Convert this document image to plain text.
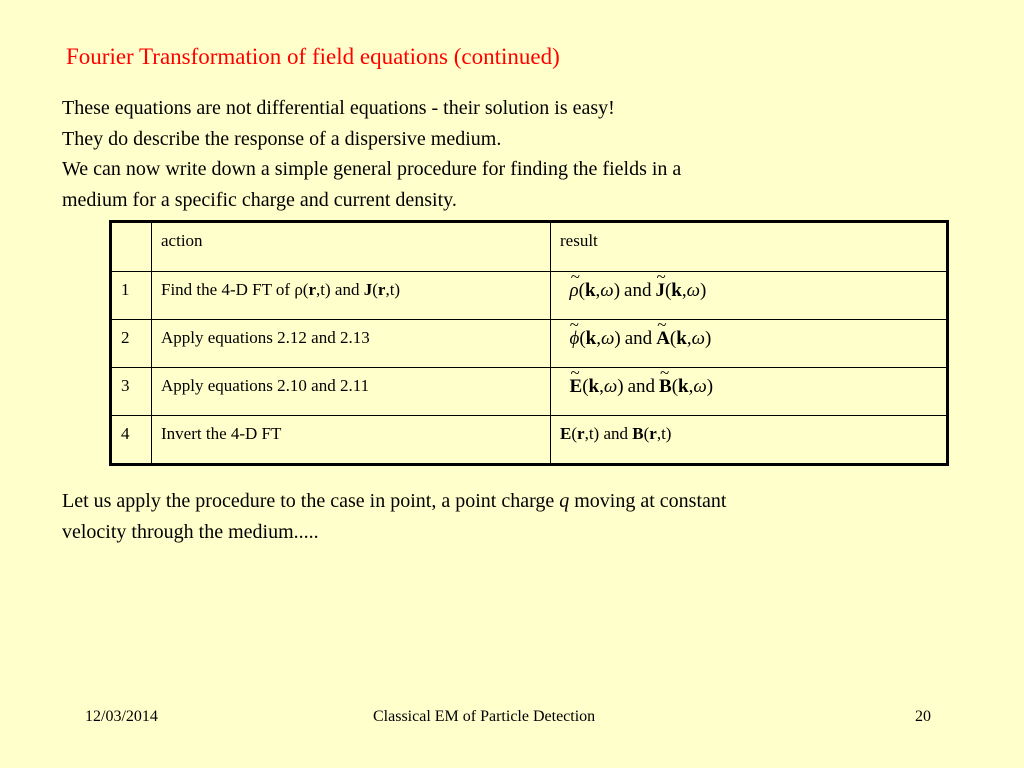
Fourier Transformation of field equations (continued)
These equations are not differential equations - their solution is easy!
They do describe the response of a dispersive medium.
We can now write down a simple general procedure for finding the fields in a
medium for a specific charge and current density.
	action	result
1	Find the 4-D FT of ρ(r,t) and J(r,t)	~ ρ(k,ω) and ~ J(k,ω)
2	Apply equations 2.12 and 2.13	~ ϕ(k,ω) and ~ A(k,ω)
3	Apply equations 2.10 and 2.11	~ E(k,ω) and ~ B(k,ω)
4	Invert the 4-D FT	E(r,t) and B(r,t)
Let us apply the procedure to the case in point, a point charge q moving at constant
velocity through the medium.....
12/03/2014	Classical EM of Particle Detection	20
